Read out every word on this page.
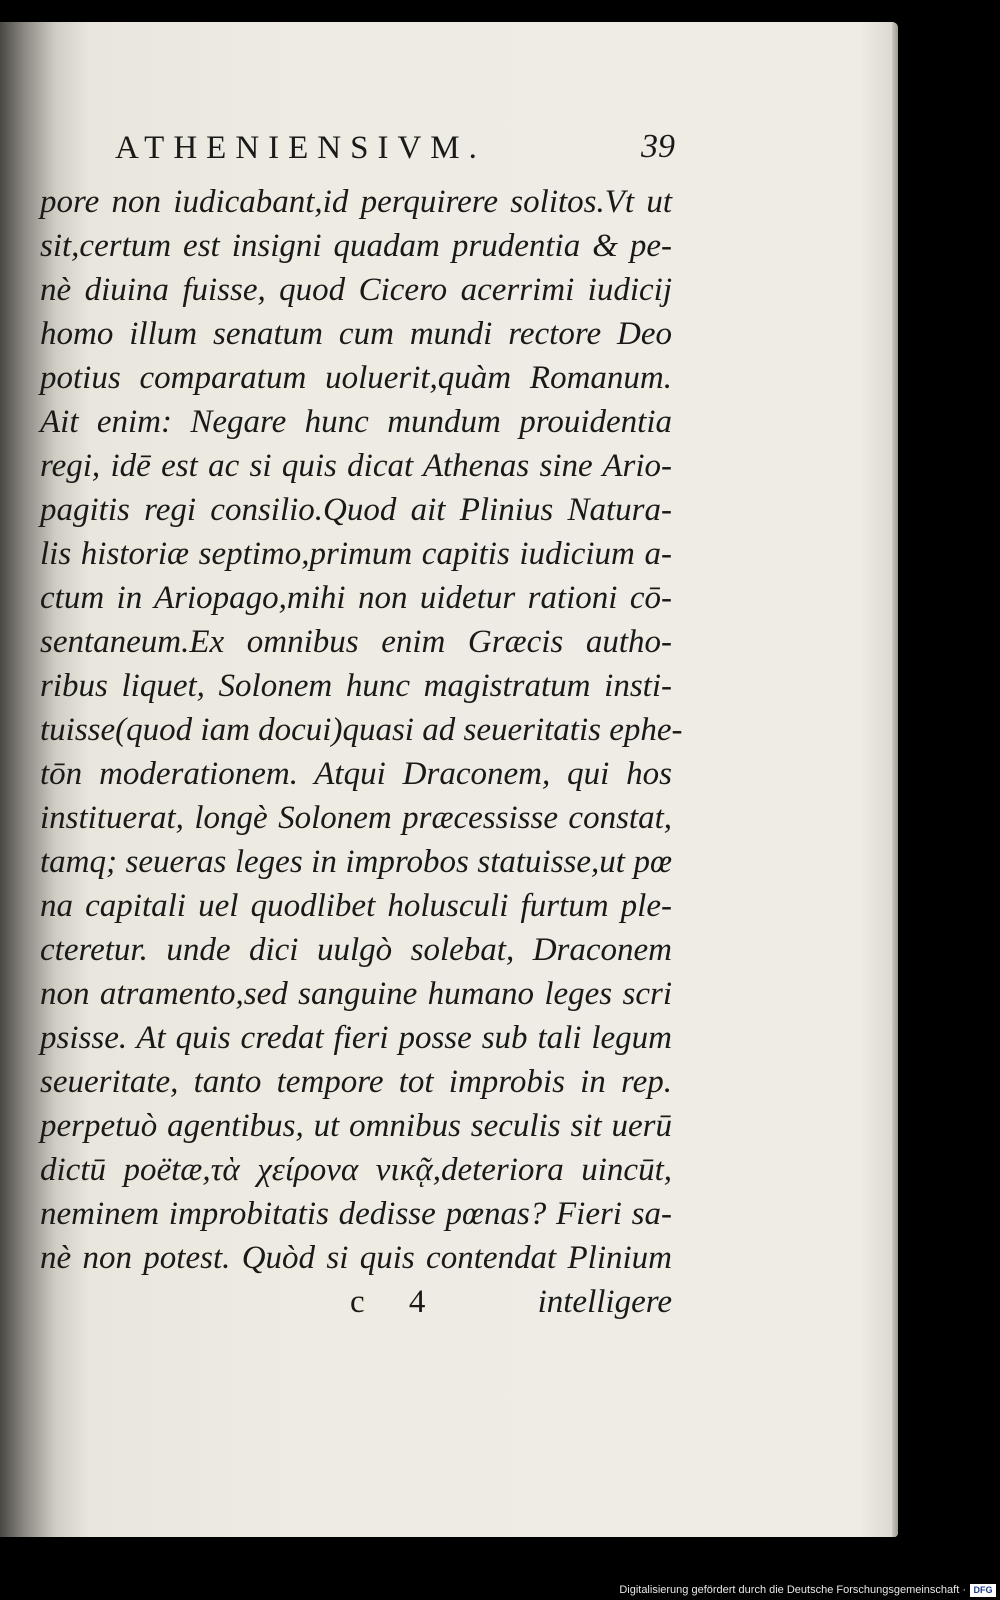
ATHENIENSIVM.	39
pore non iudicabant,id perquirere solitos.Vt ut
sit,certum est insigni quadam prudentia & pe-
nè diuina fuisse, quod Cicero acerrimi iudicij
homo illum senatum cum mundi rectore Deo
potius comparatum uoluerit,quàm Romanum.
Ait enim: Negare hunc mundum prouidentia
regi, idē est ac si quis dicat Athenas sine Ario-
pagitis regi consilio.Quod ait Plinius Natura-
lis historiæ septimo,primum capitis iudicium a-
ctum in Ariopago,mihi non uidetur rationi cō-
sentaneum.Ex omnibus enim Græcis autho-
ribus liquet, Solonem hunc magistratum insti-
tuisse(quod iam docui)quasi ad seueritatis ephe-
tōn moderationem. Atqui Draconem, qui hos
instituerat, longè Solonem præcessisse constat,
tamq; seueras leges in improbos statuisse,ut pœ
na capitali uel quodlibet holusculi furtum ple-
cteretur. unde dici uulgò solebat, Draconem
non atramento,sed sanguine humano leges scri
psisse. At quis credat fieri posse sub tali legum
seueritate, tanto tempore tot improbis in rep.
perpetuò agentibus, ut omnibus seculis sit uerū
dictū poëtæ,τὰ χείρονα νικᾷ,deteriora uincūt,
neminem improbitatis dedisse pœnas? Fieri sa-
nè non potest. Quòd si quis contendat Plinium
c 4	intelligere
Digitalisierung gefördert durch die Deutsche Forschungsgemeinschaft · DFG
